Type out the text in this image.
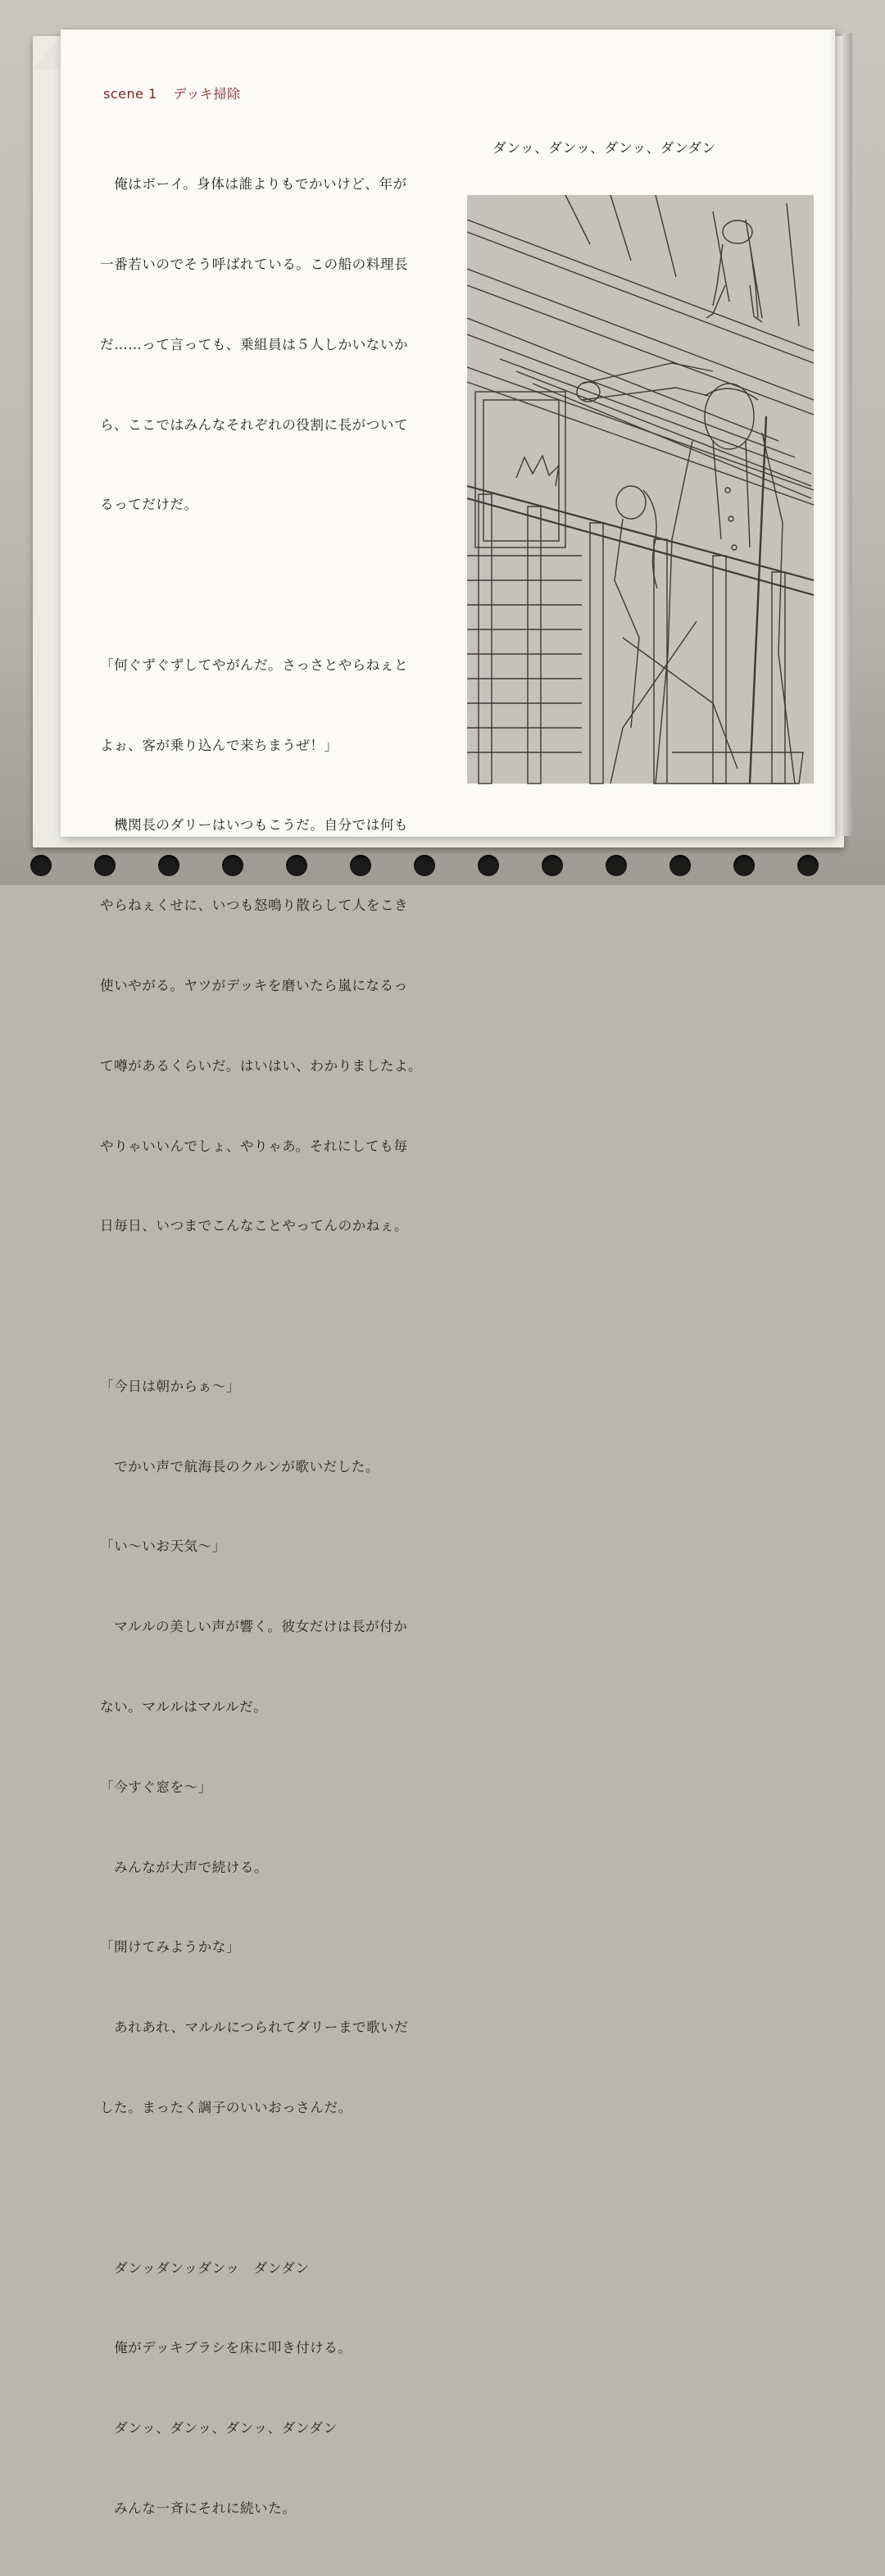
scene 1 デッキ掃除

　俺はボーイ。身体は誰よりもでかいけど、年が

一番若いのでそう呼ばれている。この船の料理長

だ……って言っても、乗組員は５人しかいないか

ら、ここではみんなそれぞれの役割に長がついて

るってだけだ。

「何ぐずぐずしてやがんだ。さっさとやらねぇと

よぉ、客が乗り込んで来ちまうぜ！」

　機関長のダリーはいつもこうだ。自分では何も

やらねぇくせに、いつも怒鳴り散らして人をこき

使いやがる。ヤツがデッキを磨いたら嵐になるっ

て噂があるくらいだ。はいはい、わかりましたよ。

やりゃいいんでしょ、やりゃあ。それにしても毎

日毎日、いつまでこんなことやってんのかねぇ。

「今日は朝からぁ〜」

　でかい声で航海長のクルンが歌いだした。

「い〜いお天気〜」

　マルルの美しい声が響く。彼女だけは長が付か

ない。マルルはマルルだ。

「今すぐ窓を〜」

　みんなが大声で続ける。

「開けてみようかな」

　あれあれ、マルルにつられてダリーまで歌いだ

した。まったく調子のいいおっさんだ。

　ダンッダンッダンッ　ダンダン

　俺がデッキブラシを床に叩き付ける。

　ダンッ、ダンッ、ダンッ、ダンダン

　みんな一斉にそれに続いた。

　ダンッ、ダンッ、ダンッ、ダンダン
